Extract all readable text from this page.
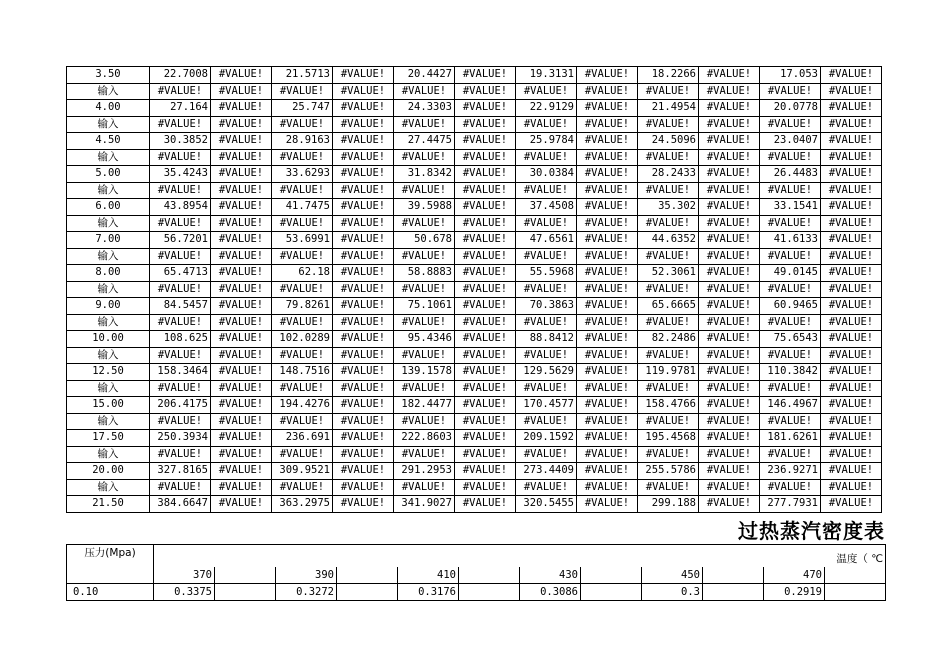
3.50	22.7008	#VALUE!	21.5713	#VALUE!	20.4427	#VALUE!	19.3131	#VALUE!	18.2266	#VALUE!	17.053	#VALUE!
输入	#VALUE!	#VALUE!	#VALUE!	#VALUE!	#VALUE!	#VALUE!	#VALUE!	#VALUE!	#VALUE!	#VALUE!	#VALUE!	#VALUE!
4.00	27.164	#VALUE!	25.747	#VALUE!	24.3303	#VALUE!	22.9129	#VALUE!	21.4954	#VALUE!	20.0778	#VALUE!
输入	#VALUE!	#VALUE!	#VALUE!	#VALUE!	#VALUE!	#VALUE!	#VALUE!	#VALUE!	#VALUE!	#VALUE!	#VALUE!	#VALUE!
4.50	30.3852	#VALUE!	28.9163	#VALUE!	27.4475	#VALUE!	25.9784	#VALUE!	24.5096	#VALUE!	23.0407	#VALUE!
输入	#VALUE!	#VALUE!	#VALUE!	#VALUE!	#VALUE!	#VALUE!	#VALUE!	#VALUE!	#VALUE!	#VALUE!	#VALUE!	#VALUE!
5.00	35.4243	#VALUE!	33.6293	#VALUE!	31.8342	#VALUE!	30.0384	#VALUE!	28.2433	#VALUE!	26.4483	#VALUE!
输入	#VALUE!	#VALUE!	#VALUE!	#VALUE!	#VALUE!	#VALUE!	#VALUE!	#VALUE!	#VALUE!	#VALUE!	#VALUE!	#VALUE!
6.00	43.8954	#VALUE!	41.7475	#VALUE!	39.5988	#VALUE!	37.4508	#VALUE!	35.302	#VALUE!	33.1541	#VALUE!
输入	#VALUE!	#VALUE!	#VALUE!	#VALUE!	#VALUE!	#VALUE!	#VALUE!	#VALUE!	#VALUE!	#VALUE!	#VALUE!	#VALUE!
7.00	56.7201	#VALUE!	53.6991	#VALUE!	50.678	#VALUE!	47.6561	#VALUE!	44.6352	#VALUE!	41.6133	#VALUE!
输入	#VALUE!	#VALUE!	#VALUE!	#VALUE!	#VALUE!	#VALUE!	#VALUE!	#VALUE!	#VALUE!	#VALUE!	#VALUE!	#VALUE!
8.00	65.4713	#VALUE!	62.18	#VALUE!	58.8883	#VALUE!	55.5968	#VALUE!	52.3061	#VALUE!	49.0145	#VALUE!
输入	#VALUE!	#VALUE!	#VALUE!	#VALUE!	#VALUE!	#VALUE!	#VALUE!	#VALUE!	#VALUE!	#VALUE!	#VALUE!	#VALUE!
9.00	84.5457	#VALUE!	79.8261	#VALUE!	75.1061	#VALUE!	70.3863	#VALUE!	65.6665	#VALUE!	60.9465	#VALUE!
输入	#VALUE!	#VALUE!	#VALUE!	#VALUE!	#VALUE!	#VALUE!	#VALUE!	#VALUE!	#VALUE!	#VALUE!	#VALUE!	#VALUE!
10.00	108.625	#VALUE!	102.0289	#VALUE!	95.4346	#VALUE!	88.8412	#VALUE!	82.2486	#VALUE!	75.6543	#VALUE!
输入	#VALUE!	#VALUE!	#VALUE!	#VALUE!	#VALUE!	#VALUE!	#VALUE!	#VALUE!	#VALUE!	#VALUE!	#VALUE!	#VALUE!
12.50	158.3464	#VALUE!	148.7516	#VALUE!	139.1578	#VALUE!	129.5629	#VALUE!	119.9781	#VALUE!	110.3842	#VALUE!
输入	#VALUE!	#VALUE!	#VALUE!	#VALUE!	#VALUE!	#VALUE!	#VALUE!	#VALUE!	#VALUE!	#VALUE!	#VALUE!	#VALUE!
15.00	206.4175	#VALUE!	194.4276	#VALUE!	182.4477	#VALUE!	170.4577	#VALUE!	158.4766	#VALUE!	146.4967	#VALUE!
输入	#VALUE!	#VALUE!	#VALUE!	#VALUE!	#VALUE!	#VALUE!	#VALUE!	#VALUE!	#VALUE!	#VALUE!	#VALUE!	#VALUE!
17.50	250.3934	#VALUE!	236.691	#VALUE!	222.8603	#VALUE!	209.1592	#VALUE!	195.4568	#VALUE!	181.6261	#VALUE!
输入	#VALUE!	#VALUE!	#VALUE!	#VALUE!	#VALUE!	#VALUE!	#VALUE!	#VALUE!	#VALUE!	#VALUE!	#VALUE!	#VALUE!
20.00	327.8165	#VALUE!	309.9521	#VALUE!	291.2953	#VALUE!	273.4409	#VALUE!	255.5786	#VALUE!	236.9271	#VALUE!
输入	#VALUE!	#VALUE!	#VALUE!	#VALUE!	#VALUE!	#VALUE!	#VALUE!	#VALUE!	#VALUE!	#VALUE!	#VALUE!	#VALUE!
21.50	384.6647	#VALUE!	363.2975	#VALUE!	341.9027	#VALUE!	320.5455	#VALUE!	299.188	#VALUE!	277.7931	#VALUE!
过热蒸汽密度表
压力(Mpa)	温度（ ℃											
	370		390		410		430		450		470	
0.10	0.3375		0.3272		0.3176		0.3086		0.3		0.2919	
